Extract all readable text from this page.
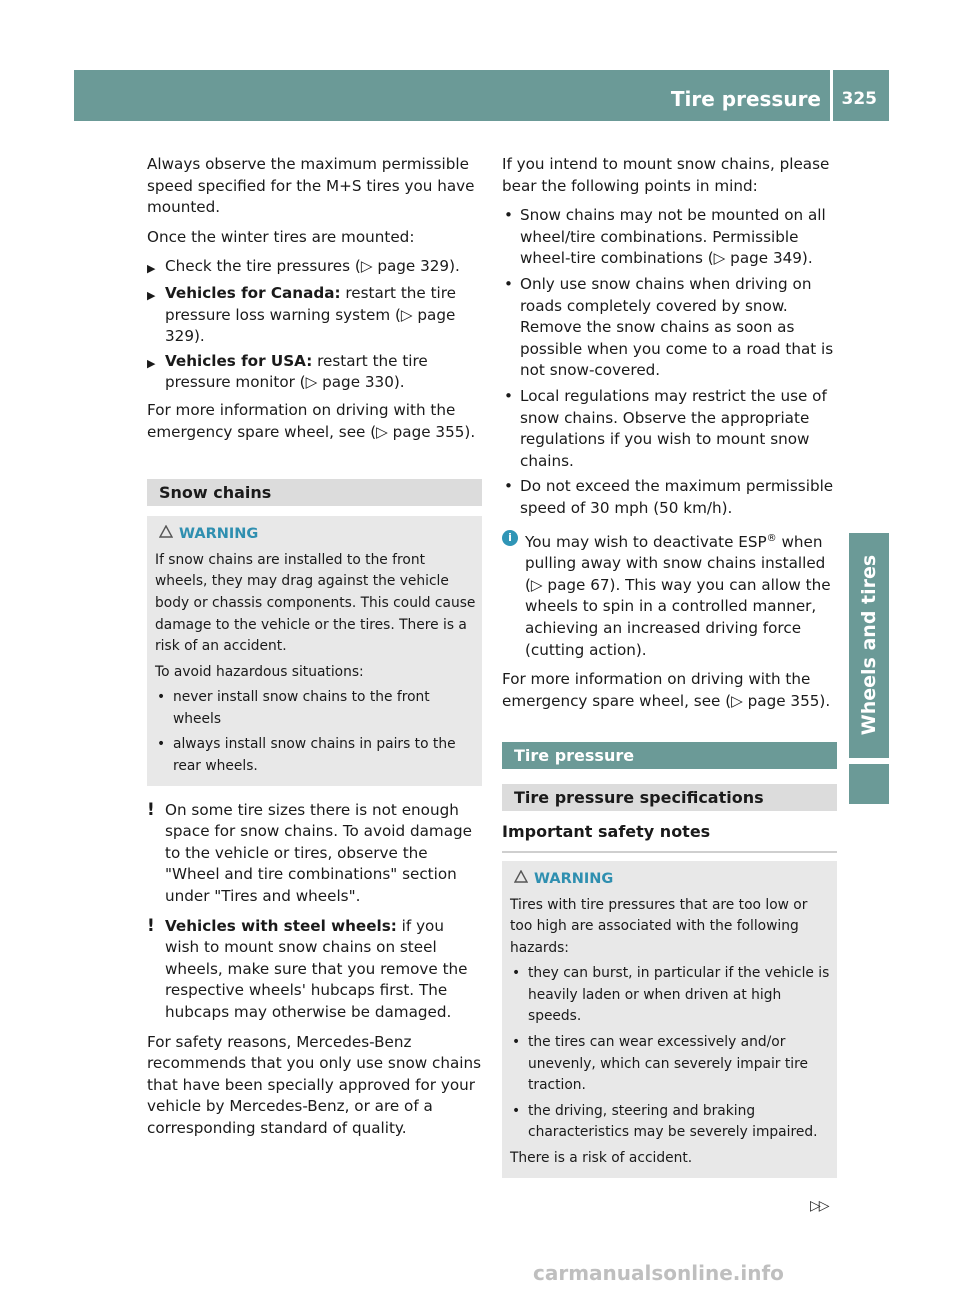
Tire pressure 325
Wheels and tires

Always observe the maximum permissible speed specified for the M+S tires you have mounted.

Once the winter tires are mounted:

▶ Check the tire pressures (▷ page 329).
▶ Vehicles for Canada: restart the tire pressure loss warning system (▷ page 329).
▶ Vehicles for USA: restart the tire pressure monitor (▷ page 330).

For more information on driving with the emergency spare wheel, see (▷ page 355).

Snow chains
WARNING

If snow chains are installed to the front wheels, they may drag against the vehicle body or chassis components. This could cause damage to the vehicle or the tires. There is a risk of an accident.

To avoid hazardous situations:

• never install snow chains to the front wheels
• always install snow chains in pairs to the rear wheels.
! On some tire sizes there is not enough space for snow chains. To avoid damage to the vehicle or tires, observe the "Wheel and tire combinations" section under "Tires and wheels".
! Vehicles with steel wheels: if you wish to mount snow chains on steel wheels, make sure that you remove the respective wheels' hubcaps first. The hubcaps may otherwise be damaged.

For safety reasons, Mercedes-Benz recommends that you only use snow chains that have been specially approved for your vehicle by Mercedes-Benz, or are of a corresponding standard of quality.

If you intend to mount snow chains, please bear the following points in mind:

• Snow chains may not be mounted on all wheel/tire combinations. Permissible wheel-tire combinations (▷ page 349).
• Only use snow chains when driving on roads completely covered by snow. Remove the snow chains as soon as possible when you come to a road that is not snow-covered.
• Local regulations may restrict the use of snow chains. Observe the appropriate regulations if you wish to mount snow chains.
• Do not exceed the maximum permissible speed of 30 mph (50 km/h).
i You may wish to deactivate ESP® when pulling away with snow chains installed (▷ page 67). This way you can allow the wheels to spin in a controlled manner, achieving an increased driving force (cutting action).

For more information on driving with the emergency spare wheel, see (▷ page 355).

Tire pressure
Tire pressure specifications
Important safety notes
WARNING

Tires with tire pressures that are too low or too high are associated with the following hazards:

• they can burst, in particular if the vehicle is heavily laden or when driven at high speeds.
• the tires can wear excessively and/or unevenly, which can severely impair tire traction.
• the driving, steering and braking characteristics may be severely impaired.

There is a risk of accident.

▷▷
carmanualsonline.info
